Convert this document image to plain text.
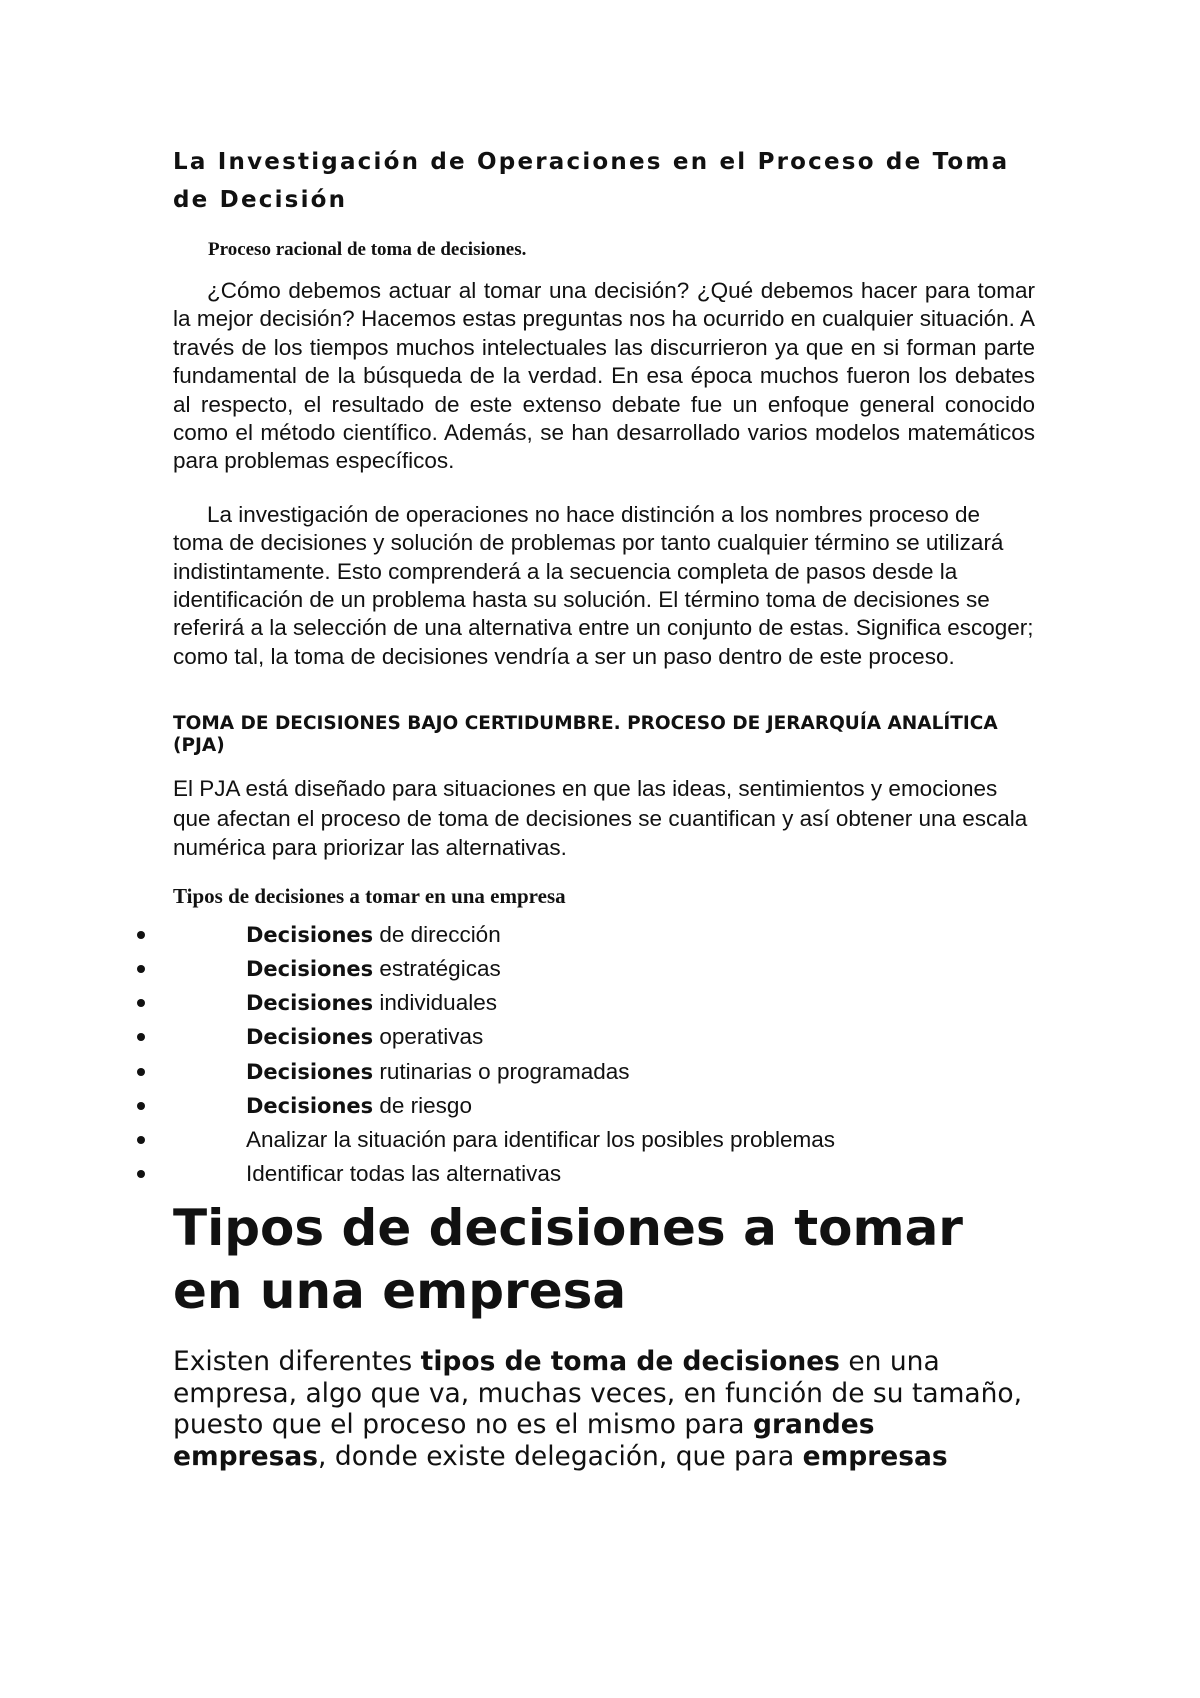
La Investigación de Operaciones en el Proceso de Toma de Decisión

Proceso racional de toma de decisiones.

¿Cómo debemos actuar al tomar una decisión? ¿Qué debemos hacer para tomar la mejor decisión? Hacemos estas preguntas nos ha ocurrido en cualquier situación. A través de los tiempos muchos intelectuales las discurrieron ya que en si forman parte fundamental de la búsqueda de la verdad. En esa época muchos fueron los debates al respecto, el resultado de este extenso debate fue un enfoque general conocido como el método científico. Además, se han desarrollado varios modelos matemáticos para problemas específicos.

La investigación de operaciones no hace distinción a los nombres proceso de toma de decisiones y solución de problemas por tanto cualquier término se utilizará indistintamente. Esto comprenderá a la secuencia completa de pasos desde la identificación de un problema hasta su solución. El término toma de decisiones se referirá a la selección de una alternativa entre un conjunto de estas. Significa escoger; como tal, la toma de decisiones vendría a ser un paso dentro de este proceso.

TOMA DE DECISIONES BAJO CERTIDUMBRE. PROCESO DE JERARQUÍA ANALÍTICA (PJA)

El PJA está diseñado para situaciones en que las ideas, sentimientos y emociones que afectan el proceso de toma de decisiones se cuantifican y así obtener una escala numérica para priorizar las alternativas.

Tipos de decisiones a tomar en una empresa
Decisiones de dirección
Decisiones estratégicas
Decisiones individuales
Decisiones operativas
Decisiones rutinarias o programadas
Decisiones de riesgo
Analizar la situación para identificar los posibles problemas
Identificar todas las alternativas
Tipos de decisiones a tomar en una empresa

Existen diferentes tipos de toma de decisiones en una empresa, algo que va, muchas veces, en función de su tamaño, puesto que el proceso no es el mismo para grandes empresas, donde existe delegación, que para empresas
